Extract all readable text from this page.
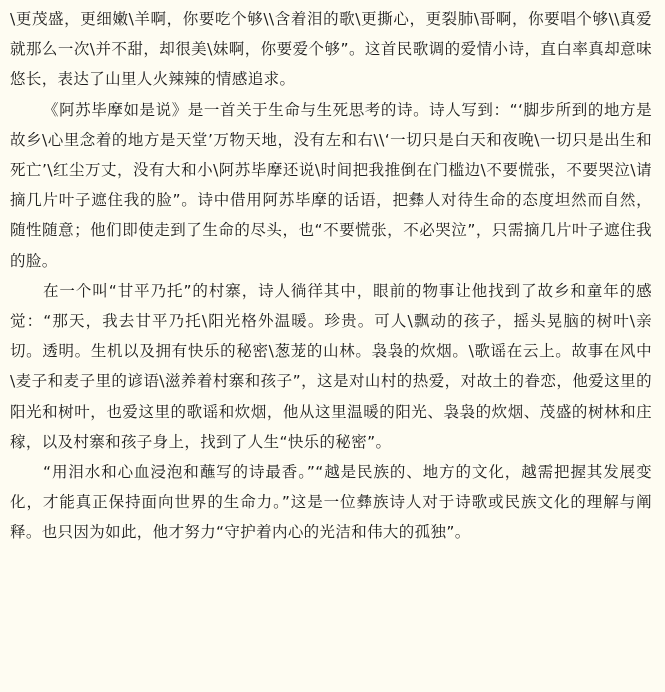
\更茂盛，更细嫩\羊啊，你要吃个够\\含着泪的歌\更撕心，更裂肺\哥啊，你要唱个够\\真爱就那么一次\并不甜，却很美\妹啊，你要爱个够”。这首民歌调的爱情小诗，直白率真却意味悠长，表达了山里人火辣辣的情感追求。

《阿苏毕摩如是说》是一首关于生命与生死思考的诗。诗人写到：“‘脚步所到的地方是故乡\心里念着的地方是天堂’万物天地，没有左和右\\‘一切只是白天和夜晚\一切只是出生和死亡’\红尘万丈，没有大和小\阿苏毕摩还说\时间把我推倒在门槛边\不要慌张，不要哭泣\请摘几片叶子遮住我的脸”。诗中借用阿苏毕摩的话语，把彝人对待生命的态度坦然而自然，随性随意；他们即使走到了生命的尽头，也“不要慌张，不必哭泣”，只需摘几片叶子遮住我的脸。

在一个叫“甘平乃托”的村寨，诗人徜徉其中，眼前的物事让他找到了故乡和童年的感觉：“那天，我去甘平乃托\阳光格外温暖。珍贵。可人\飘动的孩子，摇头晃脑的树叶\亲切。透明。生机以及拥有快乐的秘密\葱茏的山林。袅袅的炊烟。\歌谣在云上。故事在风中\麦子和麦子里的谚语\滋养着村寨和孩子”，这是对山村的热爱，对故土的眷恋，他爱这里的阳光和树叶，也爱这里的歌谣和炊烟，他从这里温暖的阳光、袅袅的炊烟、茂盛的树林和庄稼，以及村寨和孩子身上，找到了人生“快乐的秘密”。

“用泪水和心血浸泡和蘸写的诗最香。”“越是民族的、地方的文化，越需把握其发展变化，才能真正保持面向世界的生命力。”这是一位彝族诗人对于诗歌或民族文化的理解与阐释。也只因为如此，他才努力“守护着内心的光洁和伟大的孤独”。
